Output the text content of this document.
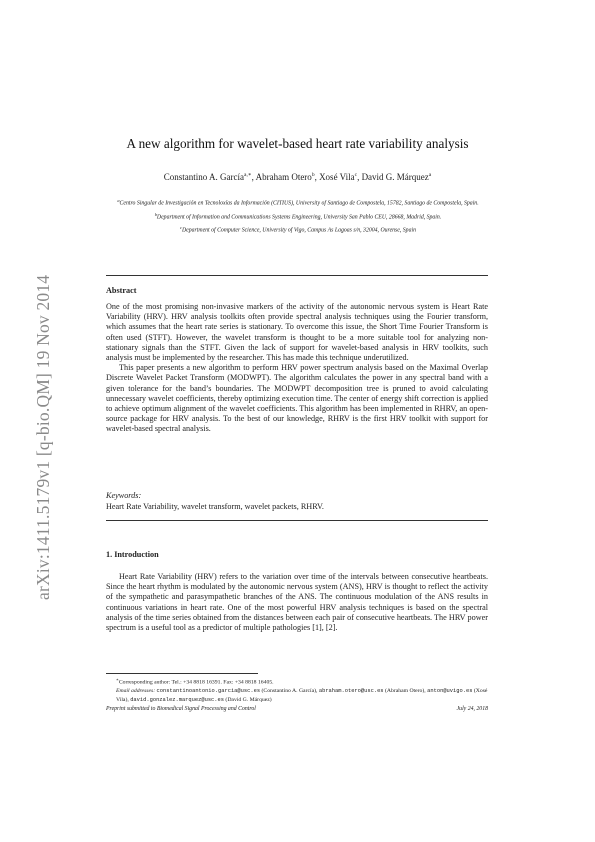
arXiv:1411.5179v1 [q-bio.QM] 19 Nov 2014
A new algorithm for wavelet-based heart rate variability analysis
Constantino A. García$^{a,∗}$, Abraham Otero$^b$, Xosé Vila$^c$, David G. Márquez$^a$

$^a$Centro Singular de Investigación en Tecnoloxías da Información (CITIUS), University of Santiago de Compostela, 15782, Santiago de Compostela, Spain.

$^b$Department of Information and Communications Systems Engineering, University San Pablo CEU, 28668, Madrid, Spain.

$^c$Department of Computer Science, University of Vigo, Campus As Lagoas s/n, 32004, Ourense, Spain

Abstract

One of the most promising non-invasive markers of the activity of the autonomic nervous system is Heart Rate Variability (HRV). HRV analysis toolkits often provide spectral analysis techniques using the Fourier transform, which assumes that the heart rate series is stationary. To overcome this issue, the Short Time Fourier Transform is often used (STFT). However, the wavelet transform is thought to be a more suitable tool for analyzing non-stationary signals than the STFT. Given the lack of support for wavelet-based analysis in HRV toolkits, such analysis must be implemented by the researcher. This has made this technique underutilized.

This paper presents a new algorithm to perform HRV power spectrum analysis based on the Maximal Overlap Discrete Wavelet Packet Transform (MODWPT). The algorithm calculates the power in any spectral band with a given tolerance for the band’s boundaries. The MODWPT decomposition tree is pruned to avoid calculating unnecessary wavelet coefficients, thereby optimizing execution time. The center of energy shift correction is applied to achieve optimum alignment of the wavelet coefficients. This algorithm has been implemented in RHRV, an open-source package for HRV analysis. To the best of our knowledge, RHRV is the first HRV toolkit with support for wavelet-based spectral analysis.

Keywords:
Heart Rate Variability, wavelet transform, wavelet packets, RHRV.
1. Introduction

Heart Rate Variability (HRV) refers to the variation over time of the intervals between consecutive heartbeats. Since the heart rhythm is modulated by the autonomic nervous system (ANS), HRV is thought to reflect the activity of the sympathetic and parasympathetic branches of the ANS. The continuous modulation of the ANS results in continuous variations in heart rate. One of the most powerful HRV analysis techniques is based on the spectral analysis of the time series obtained from the distances between each pair of consecutive heartbeats. The HRV power spectrum is a useful tool as a predictor of multiple pathologies [1], [2].

∗Corresponding author: Tel.: +34 8818 16391. Fax: +34 8818 16405.

Email addresses: constantinoantonio.garcia@usc.es (Constantino A. García), abraham.otero@usc.es (Abraham Otero), anton@uvigo.es (Xosé Vila), david.gonzalez.marquez@usc.es (David G. Márquez)

Preprint submitted to Biomedical Signal Processing and Control	July 24, 2018
